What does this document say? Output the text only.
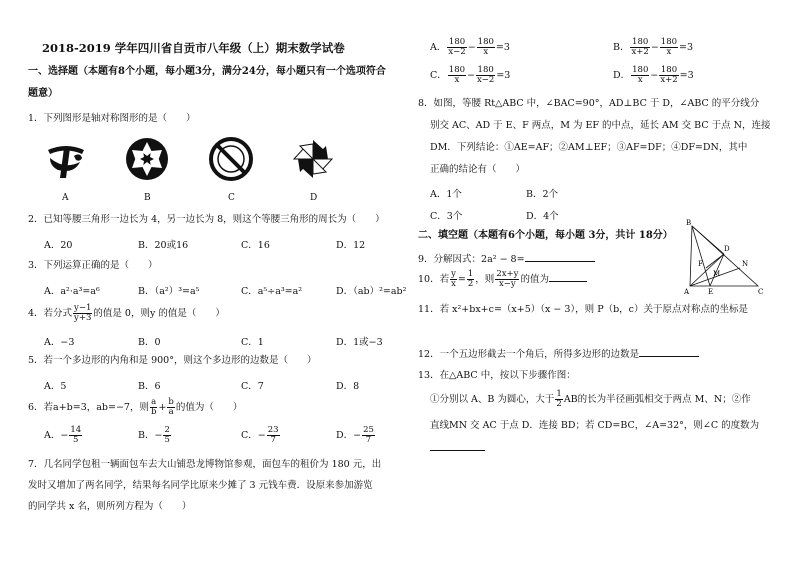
2018-2019 学年四川省自贡市八年级（上）期末数学试卷
一、选择题（本题有8个小题，每小题3分，满分24分，每小题只有一个选项符合
题意）
1．下列图形是轴对称图形的是（　　）
A	B	C	D
2．已知等腰三角形一边长为 4，另一边长为 8，则这个等腰三角形的周长为（　　）
A．20	B．20或16	C．16	D．12
3．下列运算正确的是（　　）
A．a²·a³=a⁶	B．（a²）³=a⁵	C．a⁵÷a³=a²	D．（ab）²=ab²
4．若分式 $\frac{y-1}{y+3}$ 的值是 0，则y 的值是（　　）
A．−3	B．0	C．1	D．1或−3
5．若一个多边形的内角和是 900°，则这个多边形的边数是（　　）
A．5	B．6	C．7	D．8
6．若a+b=3，ab=−7，则 $\frac{a}{b} + \frac{b}{a}$ 的值为（　　）
A．− $\frac{14}{5}$	B．− $\frac{2}{5}$	C．− $\frac{23}{7}$	D．− $\frac{25}{7}$
7．几名同学包租一辆面包车去大山铺恐龙博物馆参观，面包车的租价为 180 元，出
发时又增加了两名同学，结果每名同学比原来少摊了 3 元钱车费．设原来参加游览
的同学共 x 名，则所列方程为（　　）
A． $\frac{180}{x-2} - \frac{180}{x} =3$	B． $\frac{180}{x+2} - \frac{180}{x} =3$
C． $\frac{180}{x} - \frac{180}{x-2} =3$	D． $\frac{180}{x} - \frac{180}{x+2} =3$
8．如图，等腰 Rt△ABC 中，∠BAC=90°，AD⊥BC 于 D，∠ABC 的平分线分
别交 AC、AD 于 E、F 两点，M 为 EF 的中点，延长 AM 交 BC 于点 N，连接
DM．下列结论：①AE=AF；②AM⊥EF；③AF=DF；④DF=DN，其中
正确的结论有（　　）
A．1个	B．2个
C．3个	D．4个
B
F
D
M
N
E
A	C
二、填空题（本题有6个小题，每小题 3分，共计 18分）
9．分解因式：2a² − 8=
10．若 $\frac{y}{x} = \frac{1}{2}$ ，则 $\frac{2x+y}{x-y}$ 的值为
11．若 x²+bx+c=（x+5）（x − 3），则 P（b，c）关于原点对称点的坐标是
12．一个五边形截去一个角后，所得多边形的边数是
13．在△ABC 中，按以下步骤作图：
①分别以 A、B 为圆心，大于 $\frac{1}{2}$ AB的长为半径画弧相交于两点 M、N；②作
直线MN 交 AC 于点 D．连接 BD；若 CD=BC，∠A=32°，则∠C 的度数为
